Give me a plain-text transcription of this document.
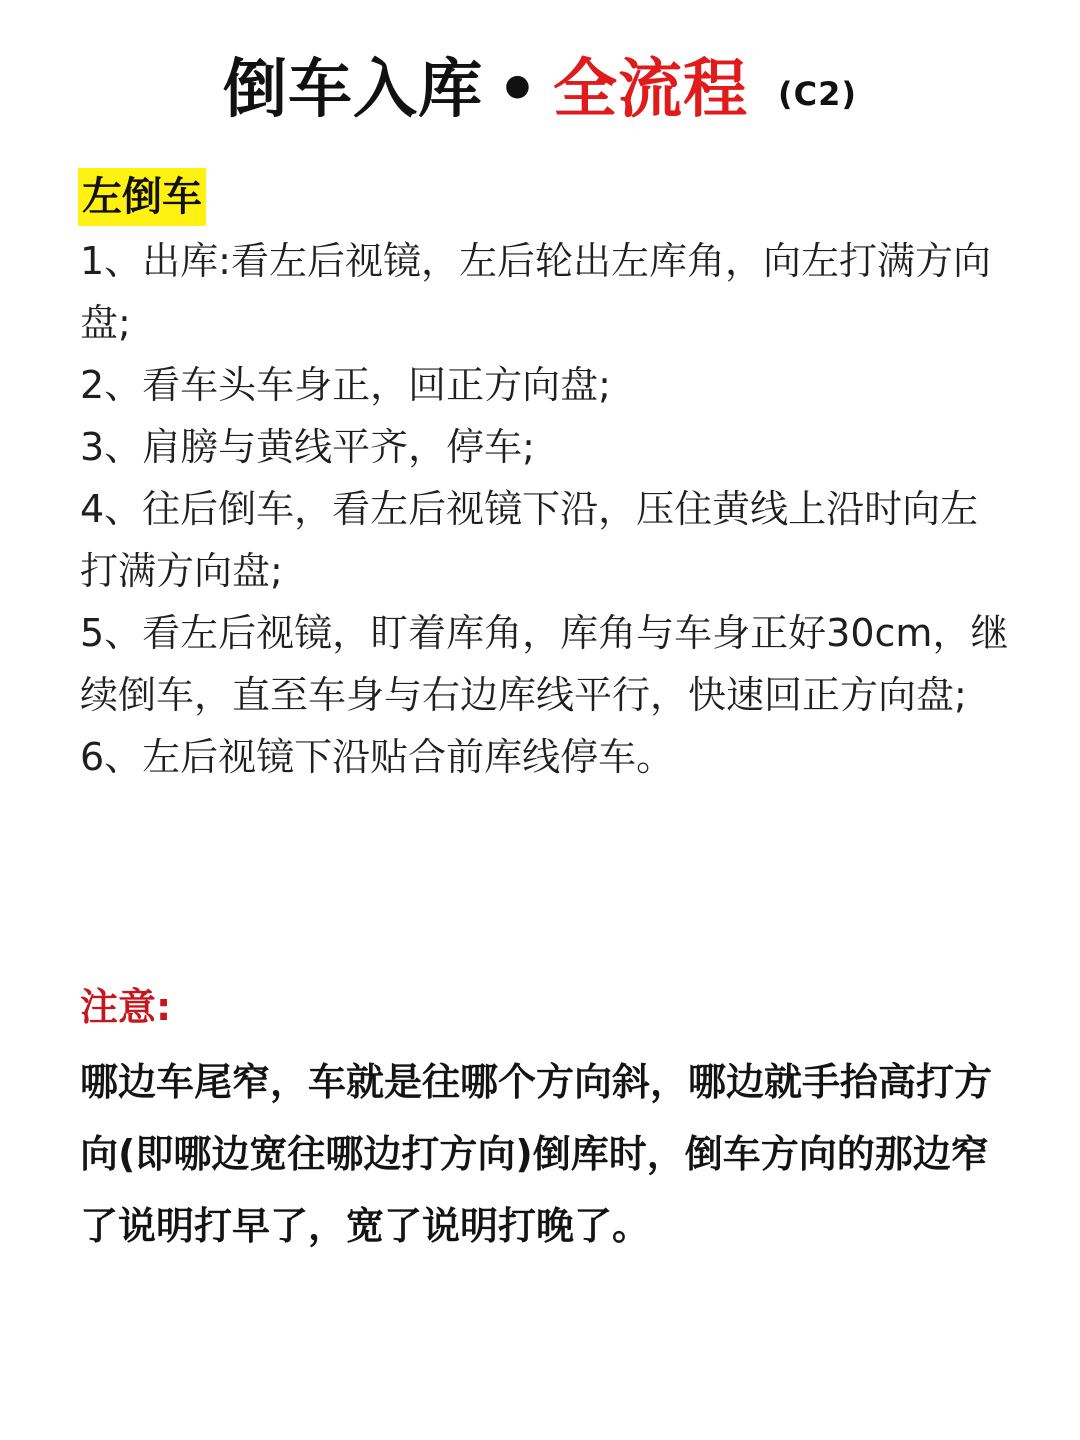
倒车入库 • 全流程 (C2)
左倒车
1、出库:看左后视镜，左后轮出左库角，向左打满方向盘;
2、看车头车身正，回正方向盘;
3、肩膀与黄线平齐，停车;
4、往后倒车，看左后视镜下沿，压住黄线上沿时向左打满方向盘;
5、看左后视镜，盯着库角，库角与车身正好30cm，继续倒车，直至车身与右边库线平行，快速回正方向盘;
6、左后视镜下沿贴合前库线停车。
注意:
哪边车尾窄，车就是往哪个方向斜，哪边就手抬高打方向(即哪边宽往哪边打方向)倒库时，倒车方向的那边窄了说明打早了，宽了说明打晚了。
